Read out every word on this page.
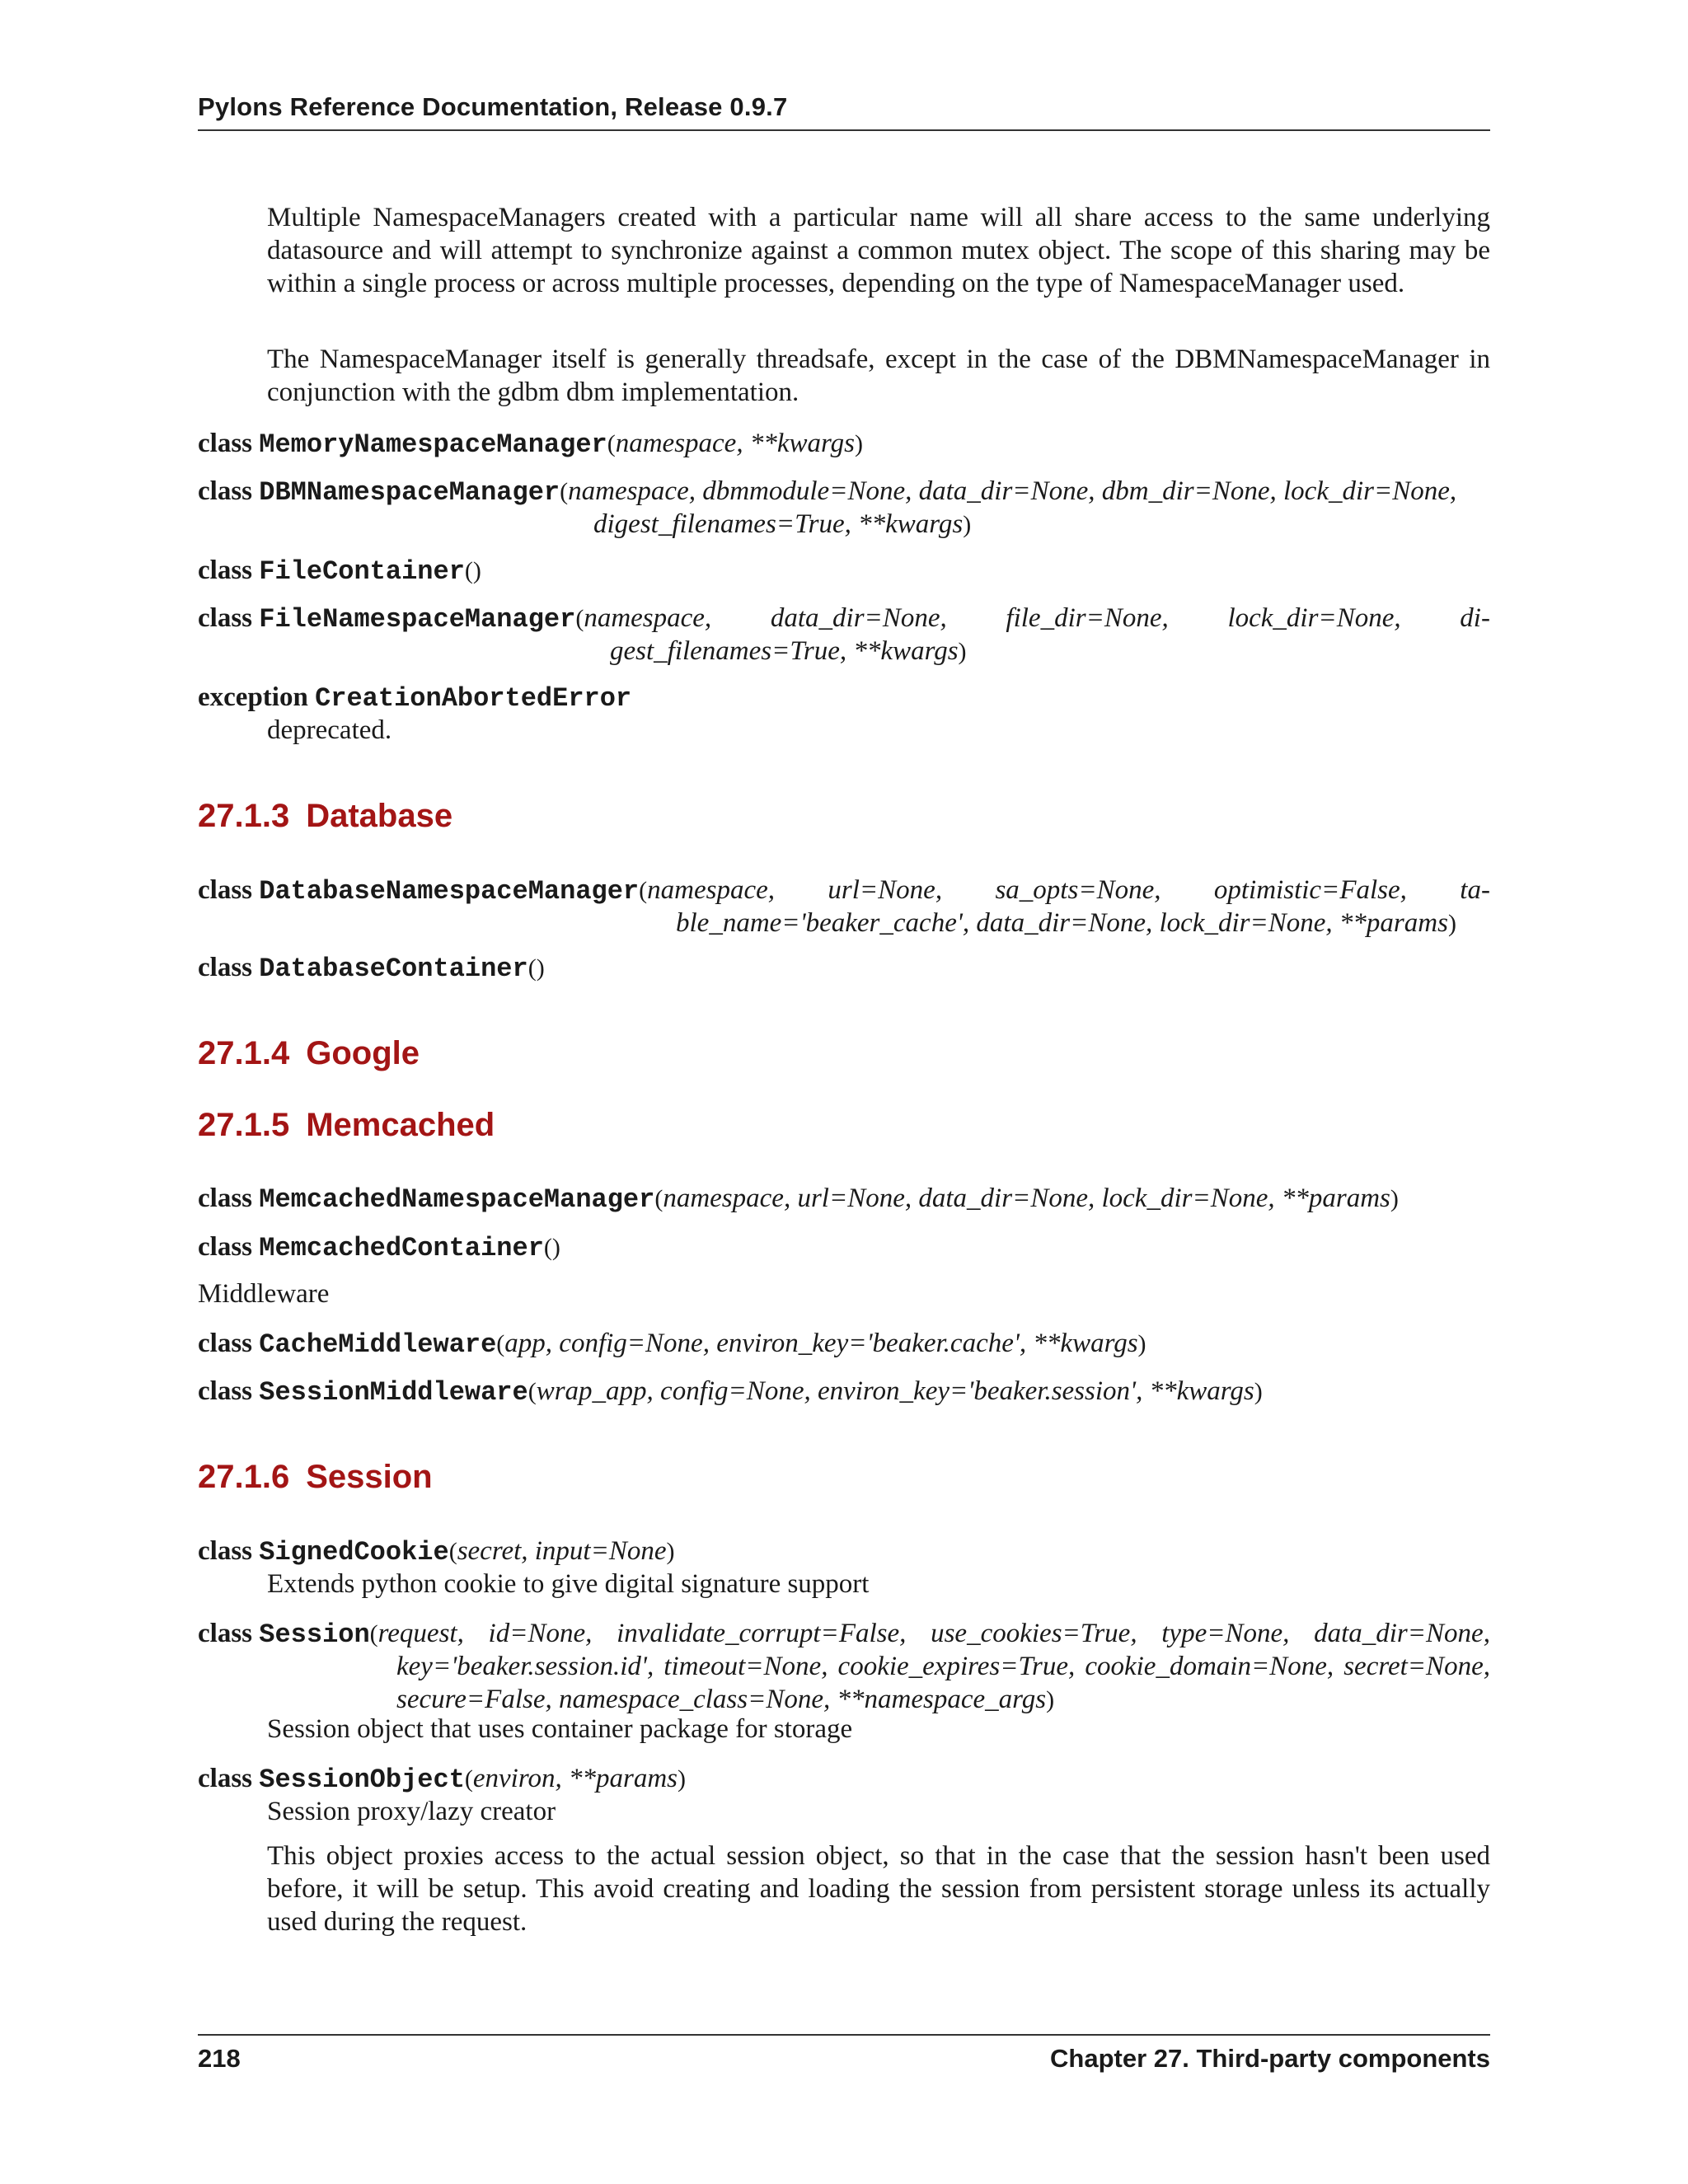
Pylons Reference Documentation, Release 0.9.7
Multiple NamespaceManagers created with a particular name will all share access to the same underlying datasource and will attempt to synchronize against a common mutex object. The scope of this sharing may be within a single process or across multiple processes, depending on the type of NamespaceManager used.
The NamespaceManager itself is generally threadsafe, except in the case of the DBMNamespaceManager in conjunction with the gdbm dbm implementation.
class MemoryNamespaceManager(namespace, **kwargs)
class DBMNamespaceManager(namespace, dbmmodule=None, data_dir=None, dbm_dir=None, lock_dir=None,
digest_filenames=True, **kwargs)
class FileContainer()
class FileNamespaceManager(namespace, data_dir=None, file_dir=None, lock_dir=None, di-
gest_filenames=True, **kwargs)
exception CreationAbortedError
deprecated.
27.1.3 Database
class DatabaseNamespaceManager(namespace, url=None, sa_opts=None, optimistic=False, ta-
ble_name='beaker_cache', data_dir=None, lock_dir=None, **params)
class DatabaseContainer()
27.1.4 Google
27.1.5 Memcached
class MemcachedNamespaceManager(namespace, url=None, data_dir=None, lock_dir=None, **params)
class MemcachedContainer()
Middleware
class CacheMiddleware(app, config=None, environ_key='beaker.cache', **kwargs)
class SessionMiddleware(wrap_app, config=None, environ_key='beaker.session', **kwargs)
27.1.6 Session
class SignedCookie(secret, input=None)
Extends python cookie to give digital signature support
class Session(request, id=None, invalidate_corrupt=False, use_cookies=True, type=None, data_dir=None,
key='beaker.session.id', timeout=None, cookie_expires=True, cookie_domain=None, secret=None,
secure=False, namespace_class=None, **namespace_args)
Session object that uses container package for storage
class SessionObject(environ, **params)
Session proxy/lazy creator
This object proxies access to the actual session object, so that in the case that the session hasn't been used before, it will be setup. This avoid creating and loading the session from persistent storage unless its actually used during the request.
218	Chapter 27. Third-party components
